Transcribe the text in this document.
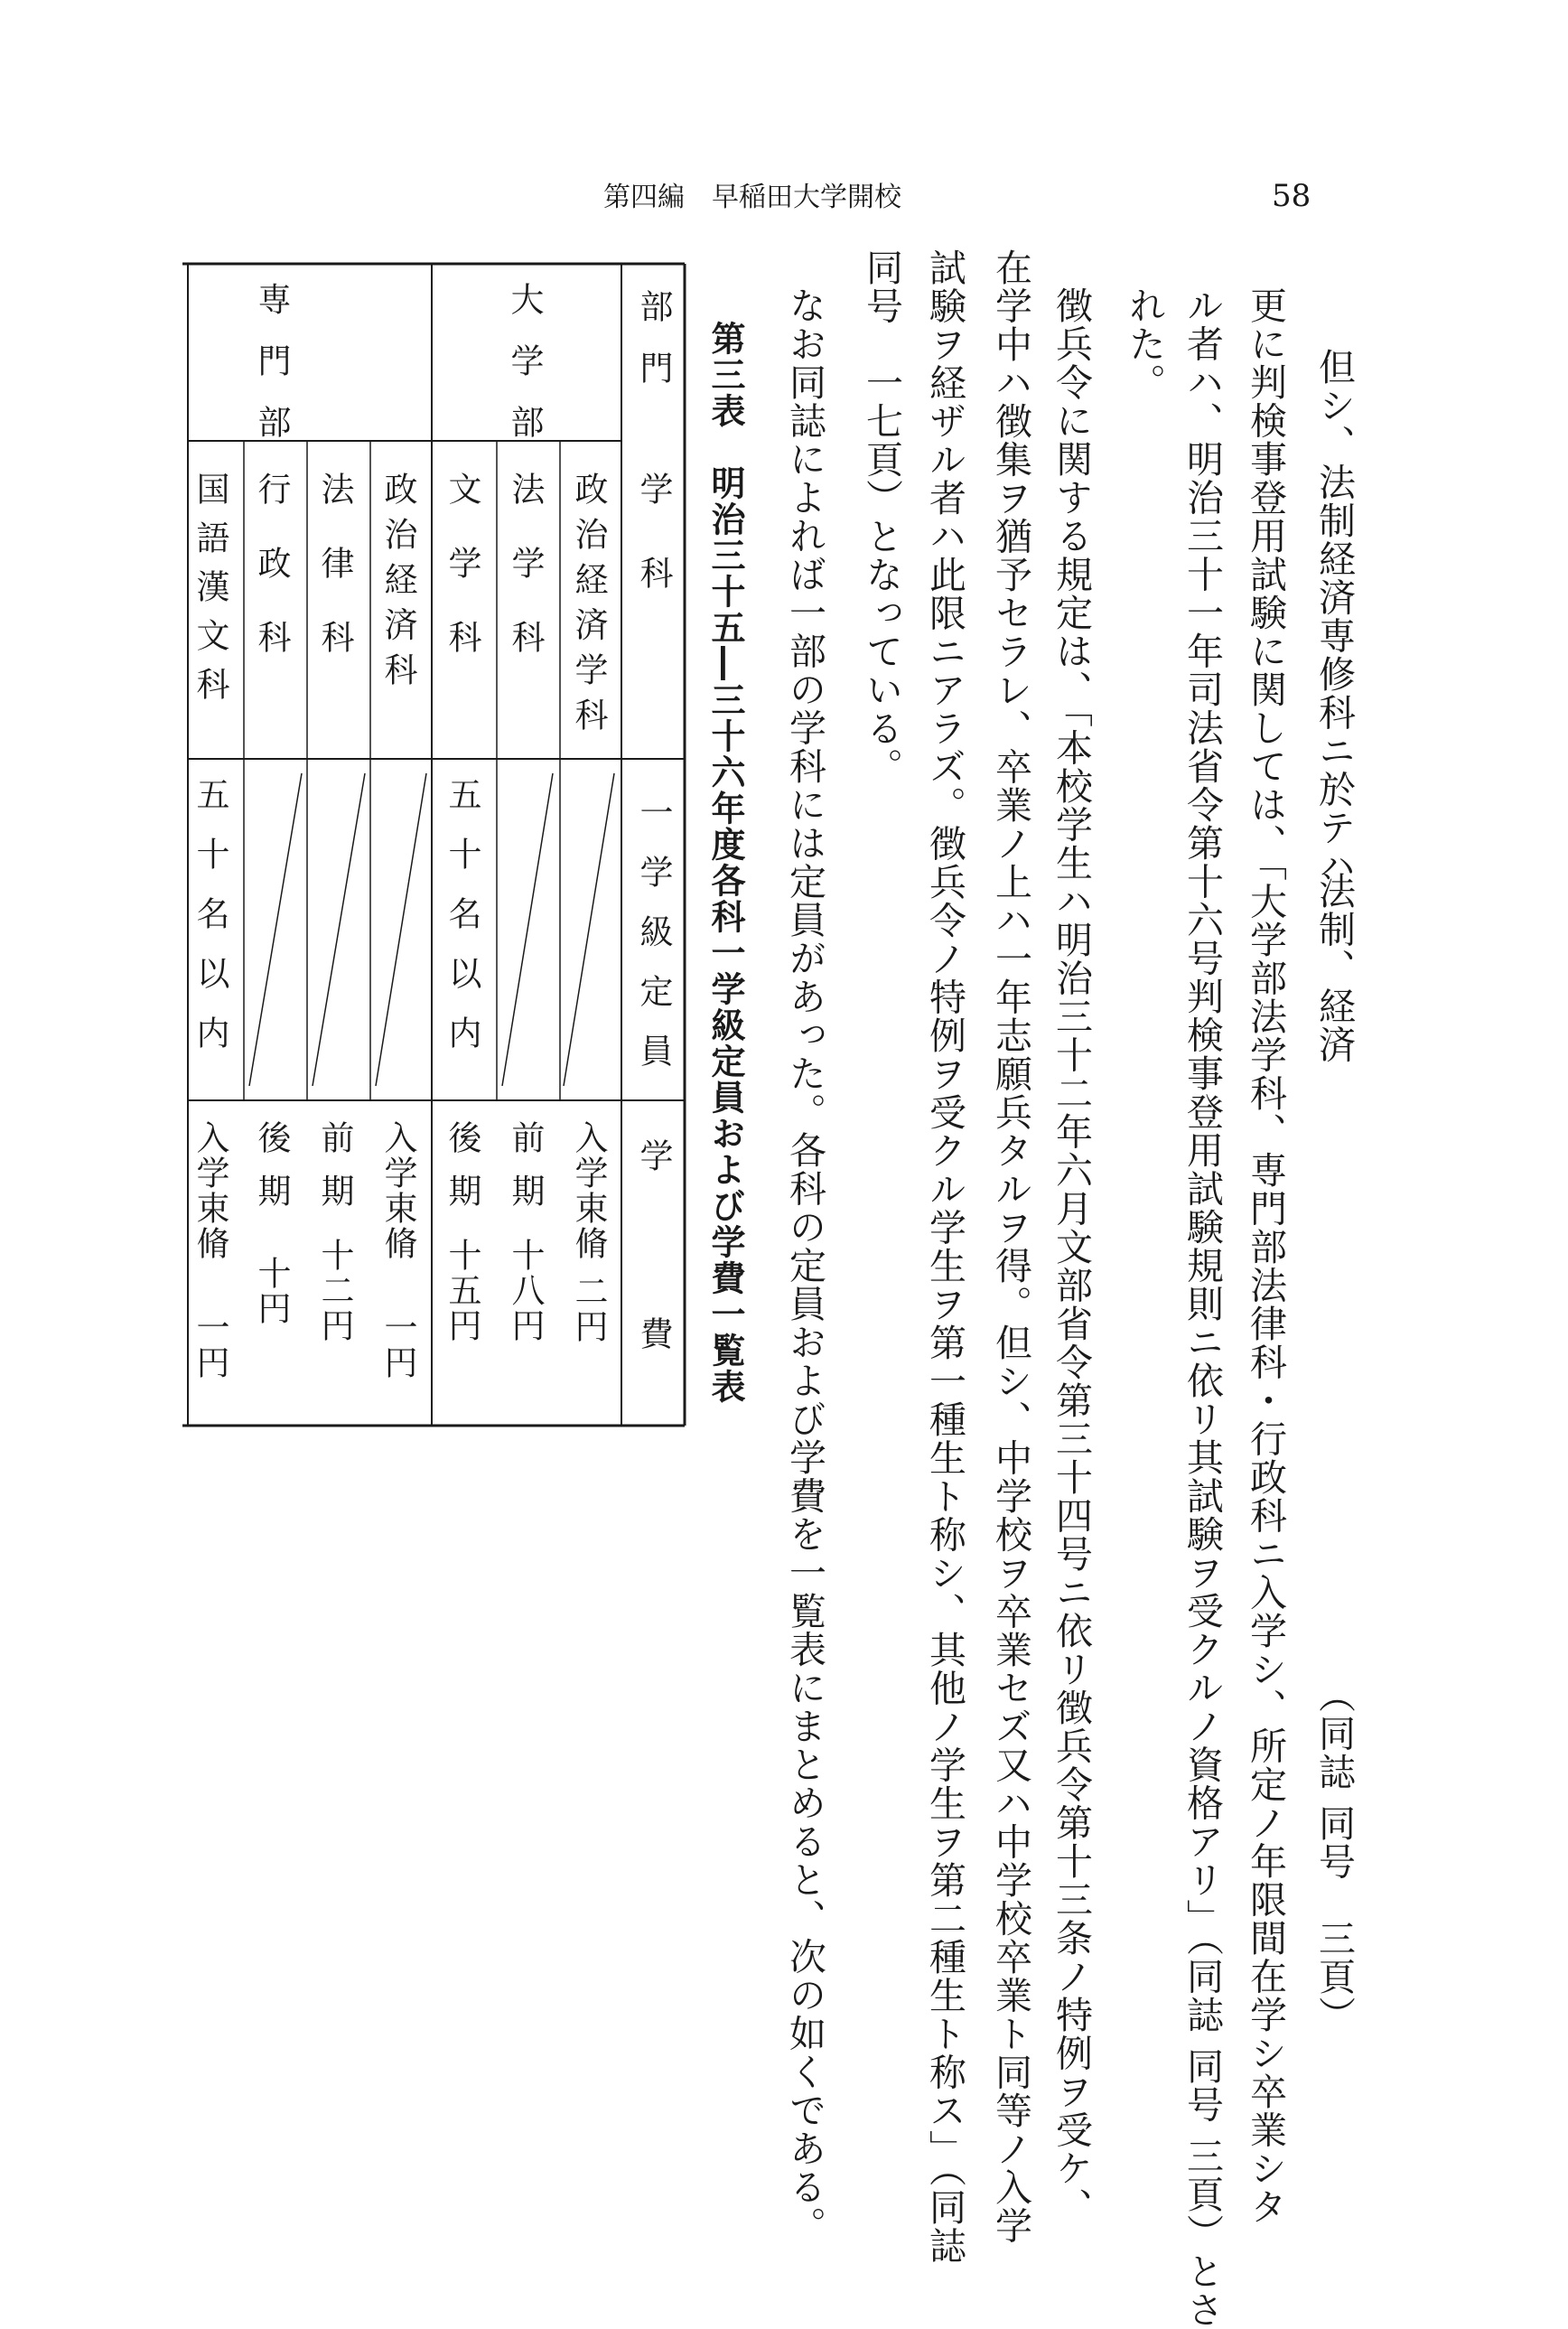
第四編　早稲田大学開校	58
但シ、法制経済専修科ニ於テハ
法制、経済
（同誌 同号　三頁）
更に判検事登用試験に関しては、「大学部法学科、専門部法律科・行政科ニ入学シ、所定ノ年限間在学シ卒業シタ
ル者ハ、明治三十一年司法省令第十六号判検事登用試験規則ニ依リ其試験ヲ受クルノ資格アリ」（同誌 同号 三頁）とさ
れた。
徴兵令に関する規定は、「本校学生ハ明治三十二年六月文部省令第三十四号ニ依リ徴兵令第十三条ノ特例ヲ受ケ、
在学中ハ徴集ヲ猶予セラレ、卒業ノ上ハ一年志願兵タルヲ得。但シ、中学校ヲ卒業セズ又ハ中学校卒業ト同等ノ入学
試験ヲ経ザル者ハ此限ニアラズ。徴兵令ノ特例ヲ受クル学生ヲ第一種生ト称シ、其他ノ学生ヲ第二種生ト称ス」（同誌
同号　一七頁）となっている。
なお同誌によれば一部の学科には定員があった。各科の定員および学費を一覧表にまとめると、次の如くである。
第三表　明治三十五―三十六年度各科一学級定員および学費一覧表
部門
学科
一学級定員
学費
大学部
政治経済学科
法学科
文学科
五十名以内
入学束脩
二円
前期
十八円
後期
十五円
専門部
政治経済科
法律科
行政科
国語漢文科
五十名以内
入学束脩
一円
前期
十二円
後期
十円
入学束脩
一円
